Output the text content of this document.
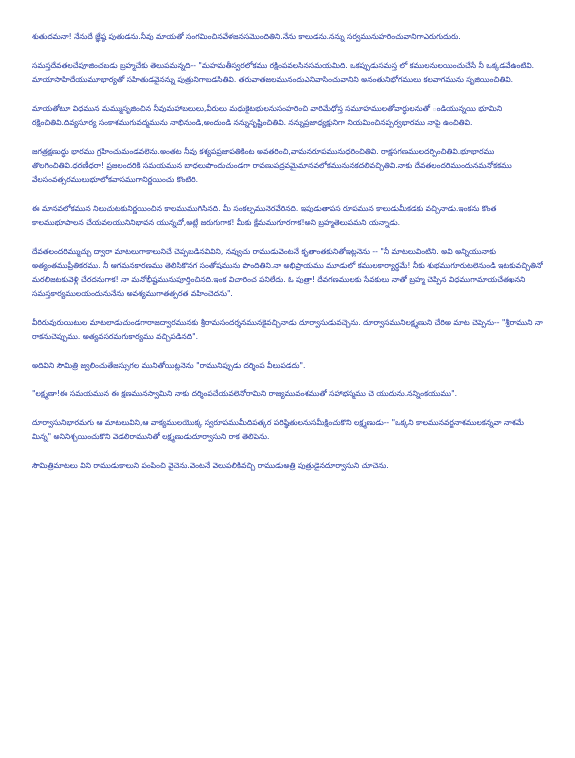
శుతుదమనా! నేనుదే జ్ఞేష్ఠ పుతుడను.నీవు మాయతో సంగమించినవేళజనసమొందితిని.నేను కాలుడను.నన్ను సర్వమునుహరించువానిగాఎరుగుదురు.

సమస్తదేవతలచేపూజించబడు బ్రహ్మచేకు తెలుపమన్నది-- "మహమతీస్వరలోకము రక్షింపవలసినసమయమిది. ఒకప్పుడుసమస్త లో కములనులయించుచేసే నీ ఒక్కడవేఉంటివి. మాయాసాహిదేయుమూభార్యతో సహితుడవైనన్ను పుత్రునిగాబడసితివి. తరువాతజలమునందుఎనివాసించువానిని అనంతునిభోగములు కలవాగమును సృజియించితివి.

మాయతోటూ విధమున మమ్ముసృజించిన నీవుమహాబలులు,వీరులు మధుకైటభులనుసంహరించి వారిమేధోస్త సమూహములతోవార్ధులనుతో ండియున్నయి భూమిని రక్షించితివి.దివ్యసూర్య సంకాశముగువద్మమును నాభినుండి,అందుండి నన్నుసృష్టించితివి. నన్నుప్రజాధ్యక్షునిగా నియమించినప్పర్వభారము నాపై ఉంచితివి.

జగత్రక్షణుద్ధు భారము గ్రహించుమండవలెను.అంతట నీవు కశ్యపప్రజాపతికింట అవతరించి,వామనరూపమునుధరించితివి. రాక్షసగణములదర్పించితివి.భూభారము తొలగించితివి.ధరణీధరా! ప్రజలందరికి సమయమున బాధలుపొందుచుండగా రావణుపద్రవమైమానవలోకమునునకదలివచ్చితివి.నాకు దేవతలందరిముందునమనోకకము వేలసంవత్సరములుభూలోకవాసముగానిర్ణయించు కొంటిరి.

ఈ మానవలోకమున నిలుచుటకునిర్ణయించిన కాలముముగిసినది. మీ సంకల్పమునెరవేరినది. ఇపుడుతాపస రూపమున కాలుడుమీకడకు వచ్చినాడు.ఇంకను కొంత కాలముభూపాలన చేయవలయునినిభావన యున్నచో,అట్లే జరుగుగాక! మీకు క్షేమముగూరగాక!అని బ్రహ్మతెలుపమని యన్నాడు.

దేవతలందరిమ్ముచ్చు ద్వారా మాటలుగాకాలునిచే చెప్పబడినవివిని, నవ్వుచు రాముడువెంటనే కృతాంతకునితోఇట్లనెను -- "నీ మాటలువింటిని. అవి అన్నియునాకు అత్యంతముప్రీతికరము. నీ ఆగమనకారణము తెలిసికొనగ సంతోషమును పొందితిని.నా అభిప్రాయము మూడులో కములకార్యార్థమే! నీకు శుభముగూరుటలెనుండి ఇటకువచ్చితినో మరలిజటకువెళ్లి చేరదనుగాక! నా మనోభీష్టమునుపూర్తించినది.ఇంక విచారించ పనిలేదు. ఓ పుత్రా! దేవగణములకు సేవకులు నాతో బ్రహ్మ చెప్పిన విధముగామాయచేతఖనని సమస్తకార్యములయందునునేను అవశ్యముగాతత్పరత వహించెదను".

వీరిరువురుయిటుల మాటలాడుచుండగారాజద్వారమునకు శ్రీరామసందర్శనమునకైవచ్చినాడు దూర్వాసుడువచ్చెను. దూర్వాసమునిలక్ష్మణుని చేరిఅ మాట చెప్పెను-- "శ్రీరాముని నా రాకనుచెప్పుము. అత్యవసరమగుకార్యము వచ్చిపడినది".

అదివిని సౌమిత్రి జ్వలించుతేజస్సుగల మునితోయిట్లనెను "రామునిప్పుడు దర్శింప వీలుపడదు".

"లక్ష్మణా!ఈ సమయమున ఈ క్షణమునస్వామిని నాకు దర్శింపచేయవలెనోరామిని రాజ్యమువంశముతో సహాభస్మము చె యుదును.నన్నింకయుము".

దూర్వాసునిభారమగు ఆ మాటలువిని,ఆ వాక్యములయొక్క స్వరూపముమీదిపత్కర పరిష్థితులనుసమీక్షించుకొని లక్ష్మణుడు-- "ఒక్కని కాలమునవర్జనాశములకన్నవా నాశమే మిన్న" అనినిశ్చయించుకొని వెడలిరామునితో లక్ష్మణుడుదూర్వాసుని రాక తెలిపెను.

సౌమిత్రిమాటలు విని రాముడుకాలుని పంపించి వైచెను.వెంటనే వెలుపలికివచ్చి రాముడుఅత్రి పుత్రుడైనదూర్వాసుని చూచెను.
